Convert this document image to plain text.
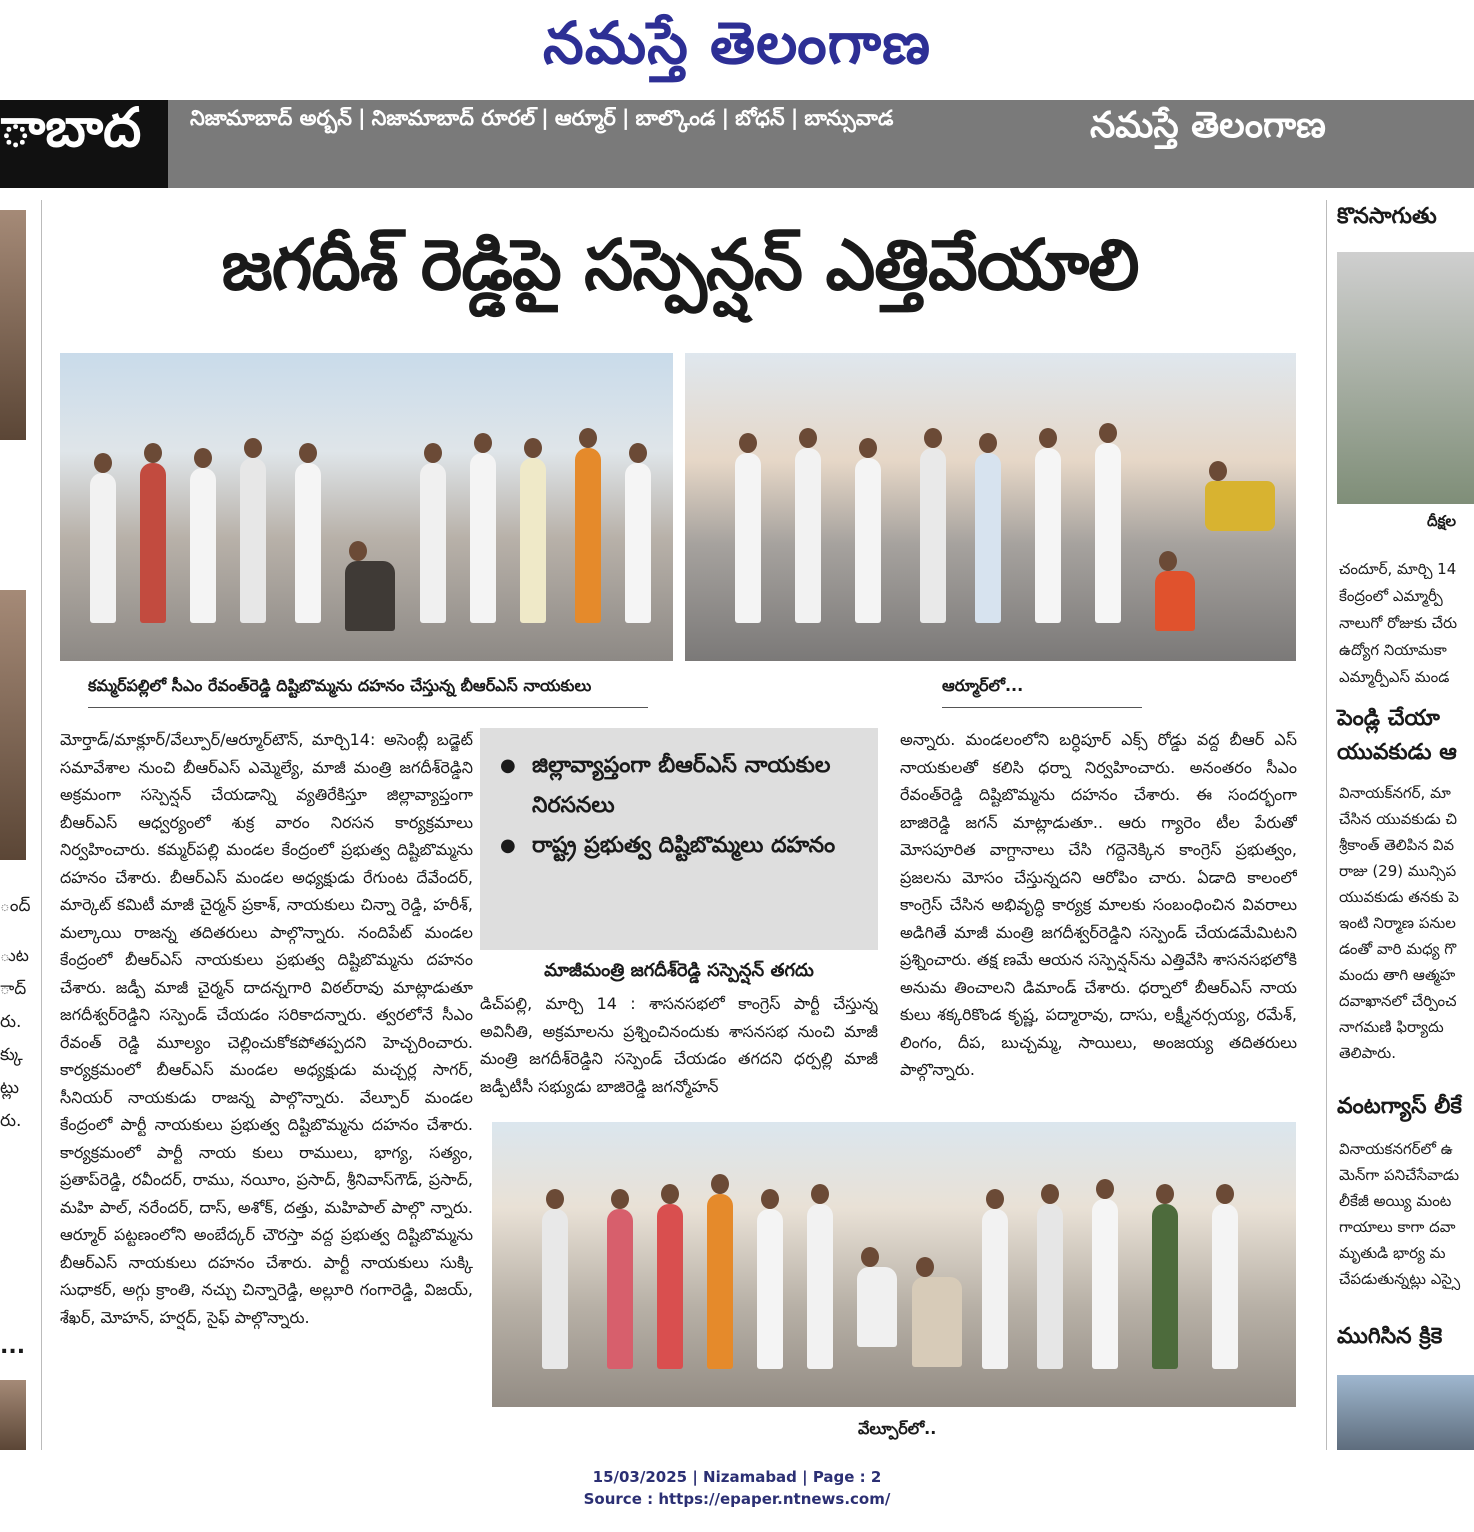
నమస్తే తెలంగాణ
ాబాద	నిజామాబాద్ అర్బన్ | నిజామాబాద్ రూరల్ | ఆర్మూర్ | బాల్కొండ | బోధన్ | బాన్సువాడ	నమస్తే తెలంగాణ
ంద్
ుట
ాద్
రు.
క్కు
ట్లు
రు.
...
జగదీశ్ రెడ్డిపై సస్పెన్షన్ ఎత్తివేయాలి
కమ్మర్‌పల్లిలో సీఎం రేవంత్‌రెడ్డి దిష్టిబొమ్మను దహనం చేస్తున్న బీఆర్ఎస్ నాయకులు	ఆర్మూర్‌లో...
మోర్తాడ్/మాక్లూర్/వేల్పూర్/ఆర్మూర్‌టౌన్, మార్చి14: అసెంబ్లీ బడ్జెట్ సమావేశాల నుంచి బీఆర్ఎస్ ఎమ్మెల్యే, మాజీ మంత్రి జగదీశ్‌రెడ్డిని అక్రమంగా సస్పెన్షన్ చేయడాన్ని వ్యతిరేకిస్తూ జిల్లావ్యాప్తంగా బీఆర్ఎస్ ఆధ్వర్యంలో శుక్ర వారం నిరసన కార్యక్రమాలు నిర్వహించారు. కమ్మర్‌పల్లి మండల కేంద్రంలో ప్రభుత్వ దిష్టిబొమ్మను దహనం చేశారు. బీఆర్ఎస్ మండల అధ్యక్షుడు రేగుంట దేవేందర్, మార్కెట్ కమిటీ మాజీ చైర్మన్ ప్రకాశ్, నాయకులు చిన్నా రెడ్డి, హరీశ్, మల్కాయి రాజన్న తదితరులు పాల్గొన్నారు. నందిపేట్ మండల కేంద్రంలో బీఆర్ఎస్ నాయకులు ప్రభుత్వ దిష్టిబొమ్మను దహనం చేశారు. జడ్పీ మాజీ చైర్మన్ దాదన్నగారి విఠల్‌రావు మాట్లాడుతూ జగదీశ్వర్‌రెడ్డిని సస్పెండ్ చేయడం సరికాదన్నారు. త్వరలోనే సీఎం రేవంత్ రెడ్డి మూల్యం చెల్లించుకోకపోతప్పదని హెచ్చరించారు. కార్యక్రమంలో బీఆర్ఎస్ మండల అధ్యక్షుడు మచ్చర్ల సాగర్, సీనియర్ నాయకుడు రాజన్న పాల్గొన్నారు. వేల్పూర్ మండల కేంద్రంలో పార్టీ నాయకులు ప్రభుత్వ దిష్టిబొమ్మను దహనం చేశారు. కార్యక్రమంలో పార్టీ నాయ కులు రాములు, భాగ్య, సత్యం, ప్రతాప్‌రెడ్డి, రవీందర్, రాము, నయీం, ప్రసాద్, శ్రీనివాస్‌గౌడ్, ప్రసాద్, మహి పాల్, నరేందర్, దాస్, అశోక్, దత్తు, మహిపాల్ పాల్గొ న్నారు. ఆర్మూర్ పట్టణంలోని అంబేద్కర్ చౌరస్తా వద్ద ప్రభుత్వ దిష్టిబొమ్మను బీఆర్ఎస్ నాయకులు దహనం చేశారు. పార్టీ నాయకులు సుక్కి సుధాకర్, అగ్గు క్రాంతి, నచ్చు చిన్నారెడ్డి, అల్లూరి గంగారెడ్డి, విజయ్, శేఖర్, మోహన్, హర్షద్, సైఫ్ పాల్గొన్నారు.
● జిల్లావ్యాప్తంగా బీఆర్ఎస్ నాయకుల నిరసనలు
● రాష్ట్ర ప్రభుత్వ దిష్టిబొమ్మలు దహనం
మాజీమంత్రి జగదీశ్‌రెడ్డి సస్పెన్షన్ తగదు
డిచ్‌పల్లి, మార్చి 14 : శాసనసభలో కాంగ్రెస్ పార్టీ చేస్తున్న అవినీతి, అక్రమాలను ప్రశ్నించినందుకు శాసనసభ నుంచి మాజీ మంత్రి జగదీశ్‌రెడ్డిని సస్పెండ్ చేయడం తగదని ధర్పల్లి మాజీ జడ్పీటీసీ సభ్యుడు బాజిరెడ్డి జగన్మోహన్
అన్నారు. మండలంలోని బర్ధిపూర్ ఎక్స్ రోడ్డు వద్ద బీఆర్ ఎస్ నాయకులతో కలిసి ధర్నా నిర్వహించారు. అనంతరం సీఎం రేవంత్‌రెడ్డి దిష్టిబొమ్మను దహనం చేశారు. ఈ సందర్భంగా బాజిరెడ్డి జగన్ మాట్లాడుతూ.. ఆరు గ్యారెం టీల పేరుతో మోసపూరిత వాగ్దానాలు చేసి గద్దెనెక్కిన కాంగ్రెస్ ప్రభుత్వం, ప్రజలను మోసం చేస్తున్నదని ఆరోపిం చారు. ఏడాది కాలంలో కాంగ్రెస్ చేసిన అభివృద్ధి కార్యక్ర మాలకు సంబంధించిన వివరాలు అడిగితే మాజీ మంత్రి జగదీశ్వర్‌రెడ్డిని సస్పెండ్ చేయడమేమిటని ప్రశ్నించారు. తక్ష ణమే ఆయన సస్పెన్షన్‌ను ఎత్తివేసి శాసనసభలోకి అనుమ తించాలని డిమాండ్ చేశారు. ధర్నాలో బీఆర్ఎస్ నాయ కులు శక్కరికొండ కృష్ణ, పద్మారావు, దాసు, లక్ష్మీనర్సయ్య, రమేశ్, లింగం, దీప, బుచ్చమ్మ, సాయిలు, అంజయ్య తదితరులు పాల్గొన్నారు.
వేల్పూర్‌లో..
కొనసాగుతు
దీక్షల
చందూర్, మార్చి 14
కేంద్రంలో ఎమ్మార్పీ
నాలుగో రోజుకు చేరు
ఉద్యోగ నియామకా
ఎమ్మార్పీఎస్ మండ
పెండ్లి చేయా
యువకుడు ఆ
వినాయక్‌నగర్, మా
చేసిన యువకుడు చి
శ్రీకాంత్ తెలిపిన వివ
రాజు (29) మున్సిప
యువకుడు తనకు పె
ఇంటి నిర్మాణ పనుల
డంతో వారి మధ్య గొ
మందు తాగి ఆత్మహ
దవాఖానలో చేర్పించ
నాగమణి ఫిర్యాదు
తెలిపారు.
వంటగ్యాస్ లీకే
వినాయకనగర్‌లో ఉ
మెన్‌గా పనిచేసేవాడు
లీకేజీ అయ్యి మంట
గాయాలు కాగా దవా
మృతుడి భార్య మ
చేపడుతున్నట్లు ఎస్సై
ముగిసిన క్రికె
15/03/2025 | Nizamabad | Page : 2
Source : https://epaper.ntnews.com/
